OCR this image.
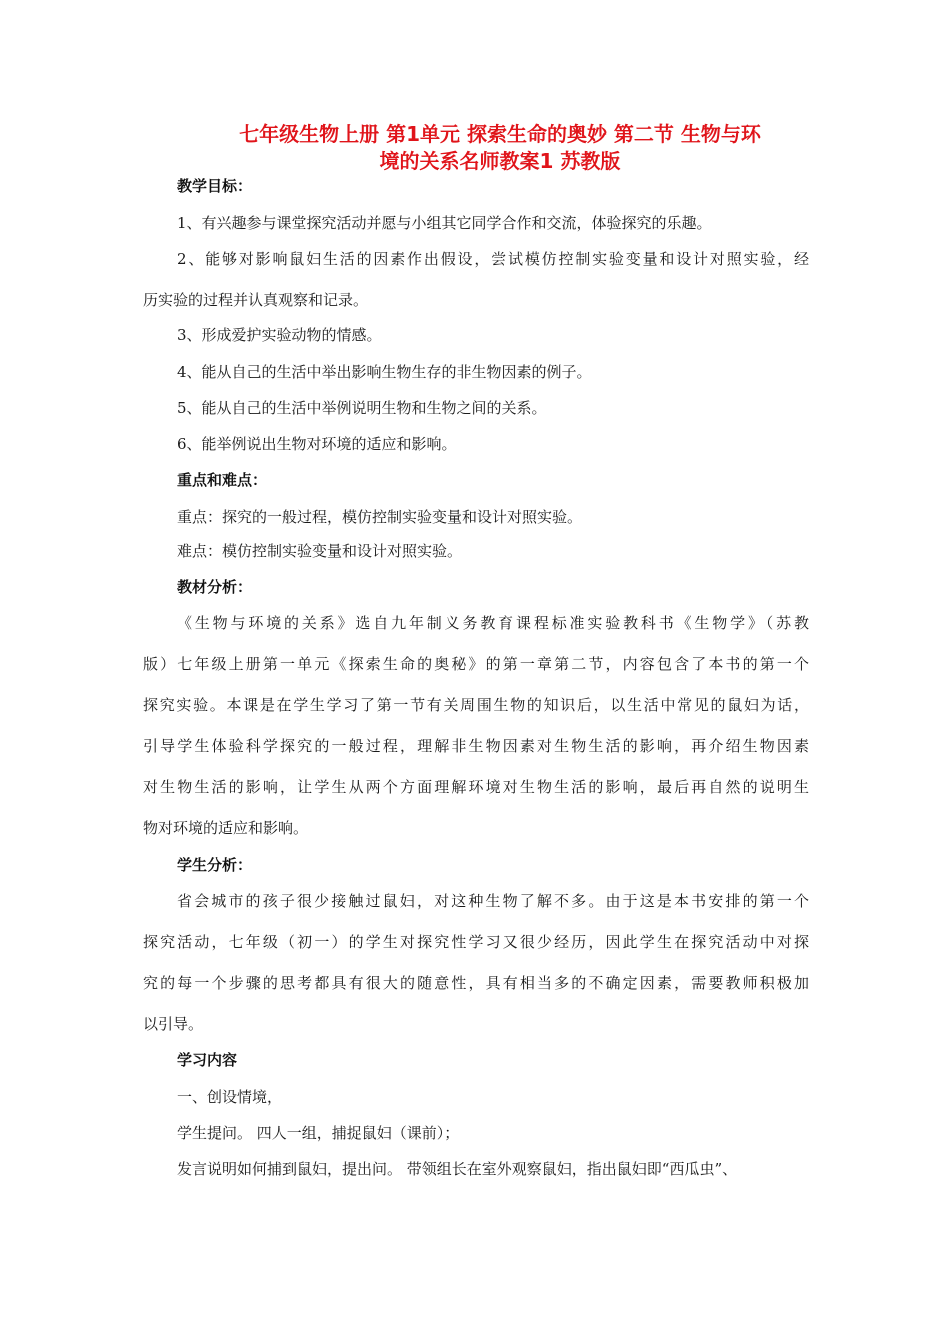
七年级生物上册 第1单元 探索生命的奥妙 第二节 生物与环
境的关系名师教案1 苏教版
教学目标：
1、有兴趣参与课堂探究活动并愿与小组其它同学合作和交流，体验探究的乐趣。
2、能够对影响鼠妇生活的因素作出假设，尝试模仿控制实验变量和设计对照实验，经
历实验的过程并认真观察和记录。
3、形成爱护实验动物的情感。
4、能从自己的生活中举出影响生物生存的非生物因素的例子。
5、能从自己的生活中举例说明生物和生物之间的关系。
6、能举例说出生物对环境的适应和影响。
重点和难点：
重点：探究的一般过程，模仿控制实验变量和设计对照实验。
难点：模仿控制实验变量和设计对照实验。
教材分析：
《生物与环境的关系》选自九年制义务教育课程标准实验教科书《生物学》（苏教
版）七年级上册第一单元《探索生命的奥秘》的第一章第二节，内容包含了本书的第一个
探究实验。本课是在学生学习了第一节有关周围生物的知识后，以生活中常见的鼠妇为话，
引导学生体验科学探究的一般过程，理解非生物因素对生物生活的影响，再介绍生物因素
对生物生活的影响，让学生从两个方面理解环境对生物生活的影响，最后再自然的说明生
物对环境的适应和影响。
学生分析：
省会城市的孩子很少接触过鼠妇，对这种生物了解不多。由于这是本书安排的第一个
探究活动，七年级（初一）的学生对探究性学习又很少经历，因此学生在探究活动中对探
究的每一个步骤的思考都具有很大的随意性，具有相当多的不确定因素，需要教师积极加
以引导。
学习内容
一、创设情境，
学生提问。 四人一组，捕捉鼠妇（课前）；
发言说明如何捕到鼠妇，提出问。 带领组长在室外观察鼠妇，指出鼠妇即“西瓜虫”、
